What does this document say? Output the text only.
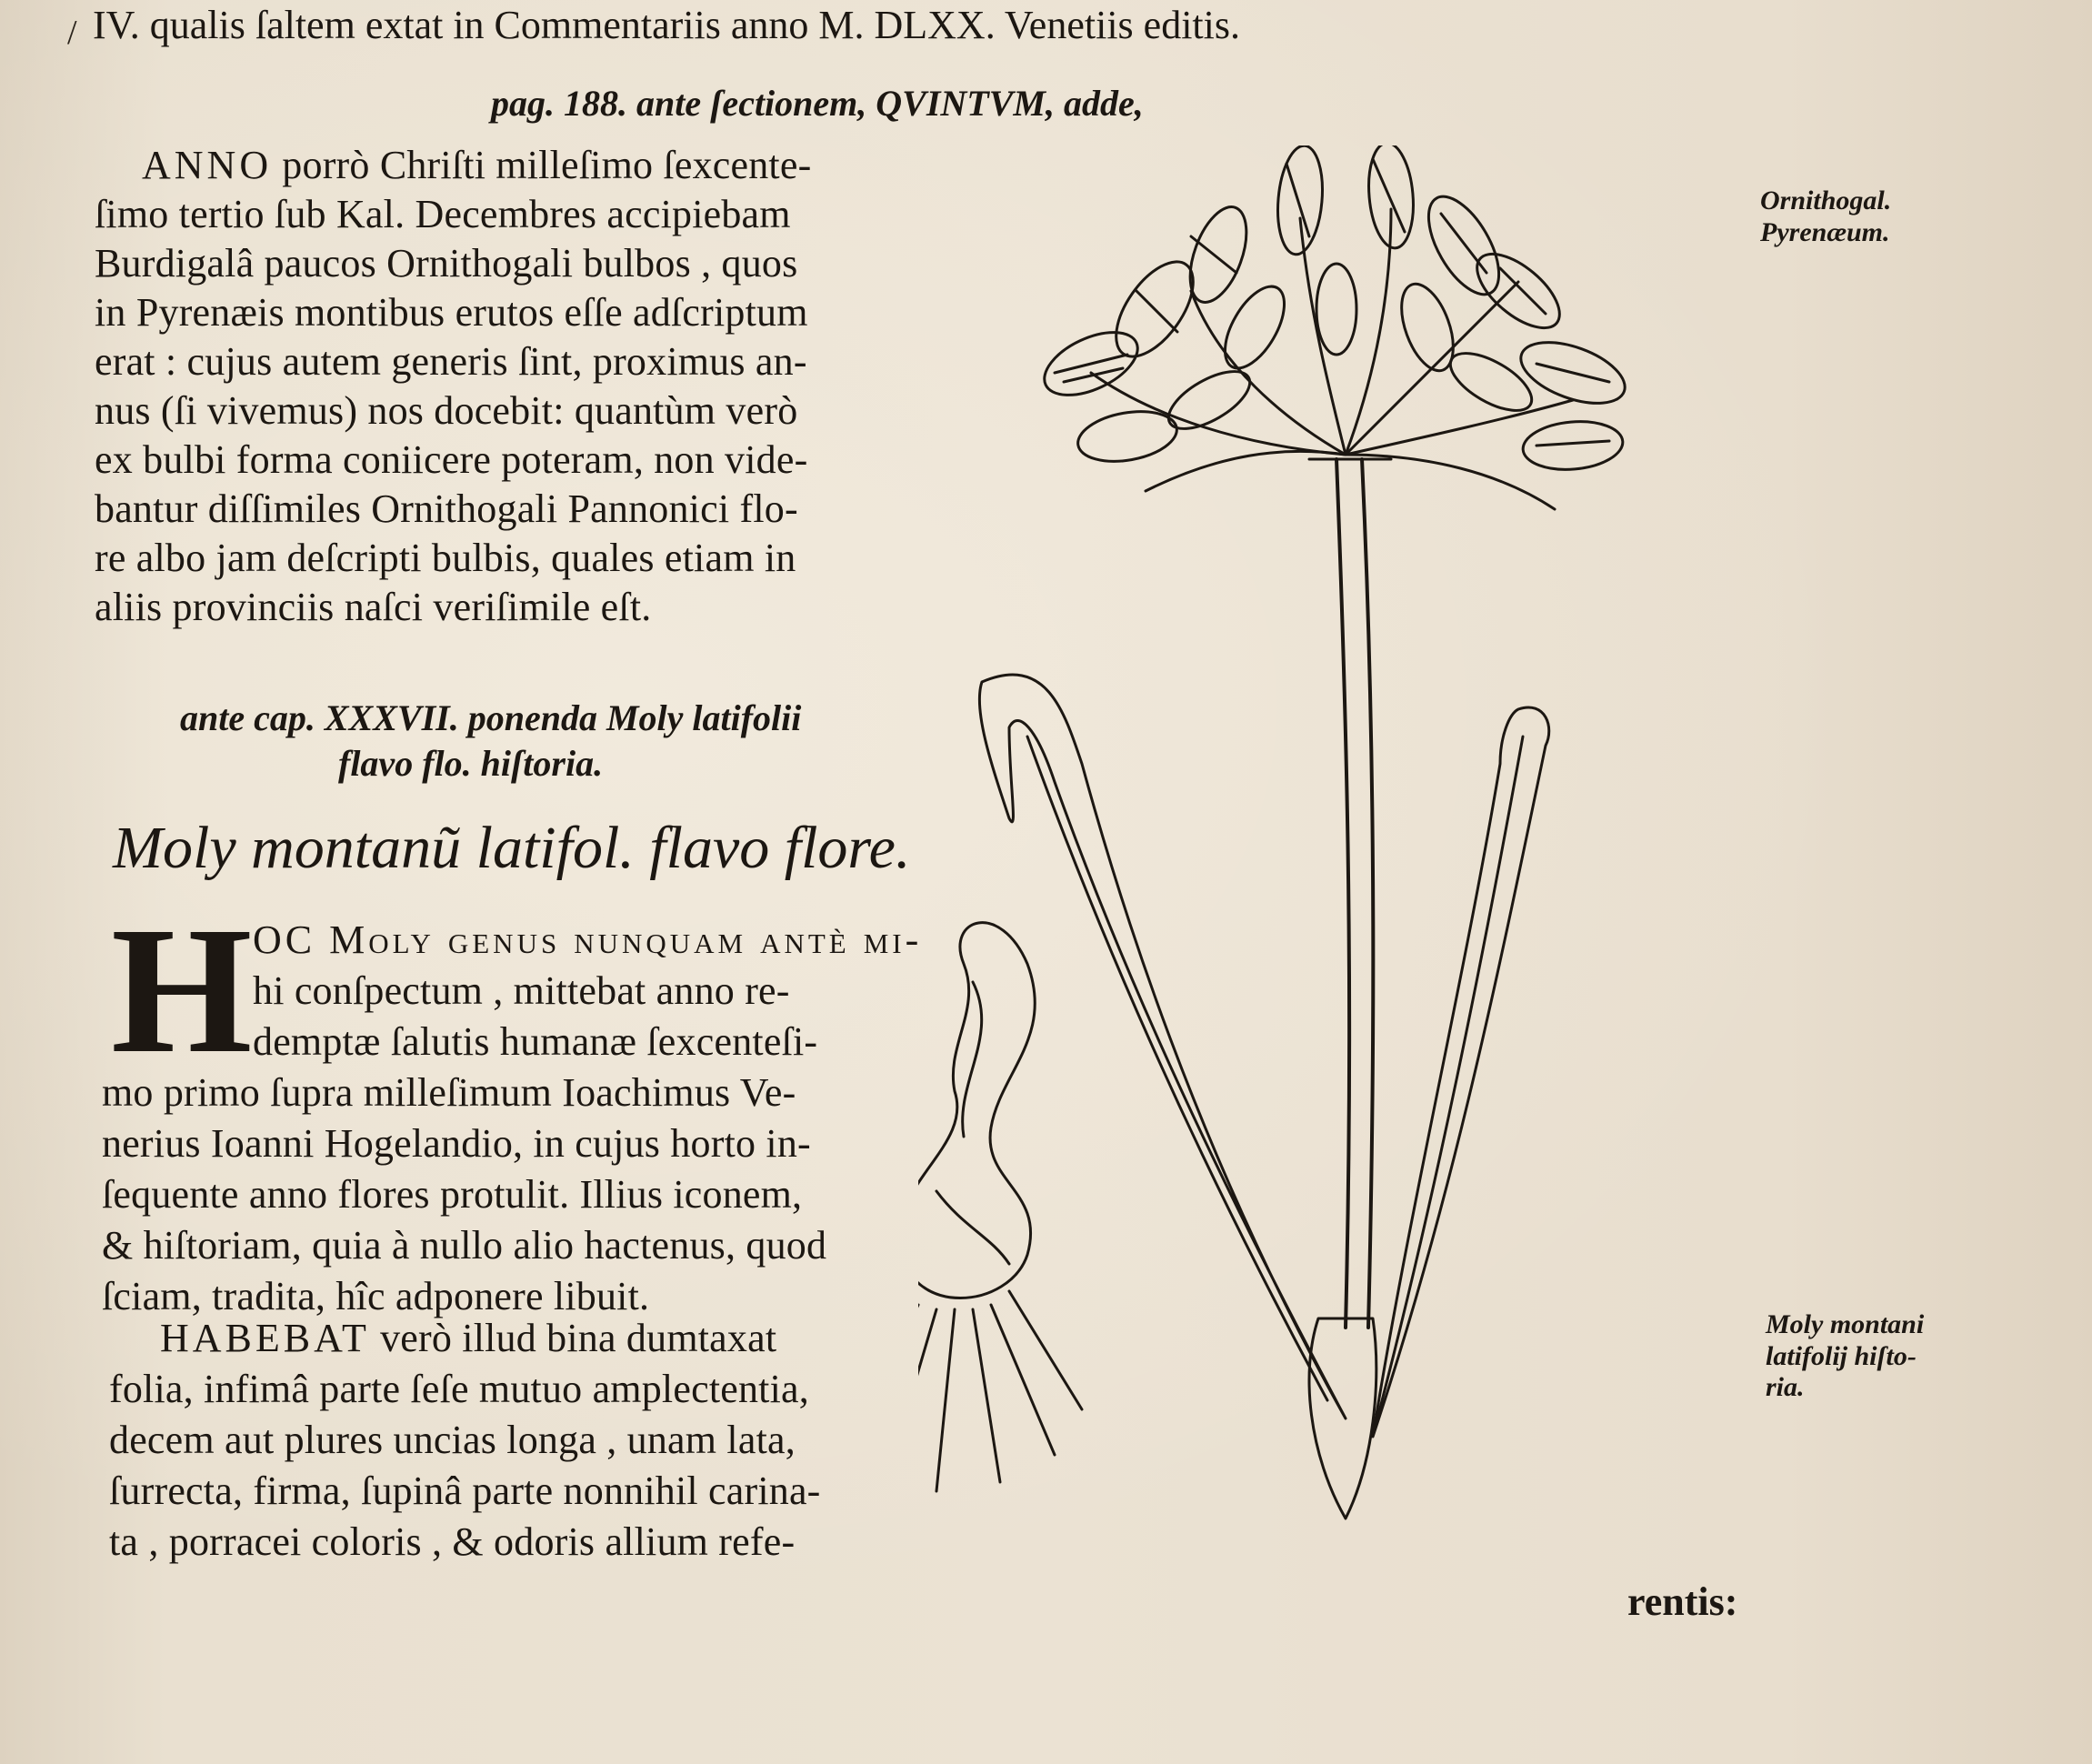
/ IV. qualis ſaltem extat in Commentariis anno M. DLXX. Venetiis editis.
pag. 188. ante ſectionem, QVINTVM, adde,
ANNO porrò Chriſti milleſimo ſexcente-
ſimo tertio ſub Kal. Decembres accipiebam
Burdigalâ paucos Ornithogali bulbos , quos
in Pyrenæis montibus erutos eſſe adſcriptum
erat : cujus autem generis ſint, proximus an-
nus (ſi vivemus) nos docebit: quantùm verò
ex bulbi forma coniicere poteram, non vide-
bantur diſſimiles Ornithogali Pannonici flo-
re albo jam deſcripti bulbis, quales etiam in
aliis provinciis naſci veriſimile eſt.
ante cap. XXXVII. ponenda Moly latifolii
flavo flo. hiſtoria.
Moly montanũ latifol. flavo flore.
H OC Moly genus nunquam antè mi-
hi conſpectum , mittebat anno re-
demptæ ſalutis humanæ ſexcenteſi-
mo primo ſupra milleſimum Ioachimus Ve-
nerius Ioanni Hogelandio, in cujus horto in-
ſequente anno flores protulit. Illius iconem,
& hiſtoriam, quia à nullo alio hactenus, quod
ſciam, tradita, hîc adponere libuit.
HABEBAT verò illud bina dumtaxat
folia, infimâ parte ſeſe mutuo amplectentia,
decem aut plures uncias longa , unam lata,
ſurrecta, firma, ſupinâ parte nonnihil carina-
ta , porracei coloris , & odoris allium refe-
Ornithogal.
Pyrenæum.
Moly montani
latifolij hiſto-
ria.
rentis:
